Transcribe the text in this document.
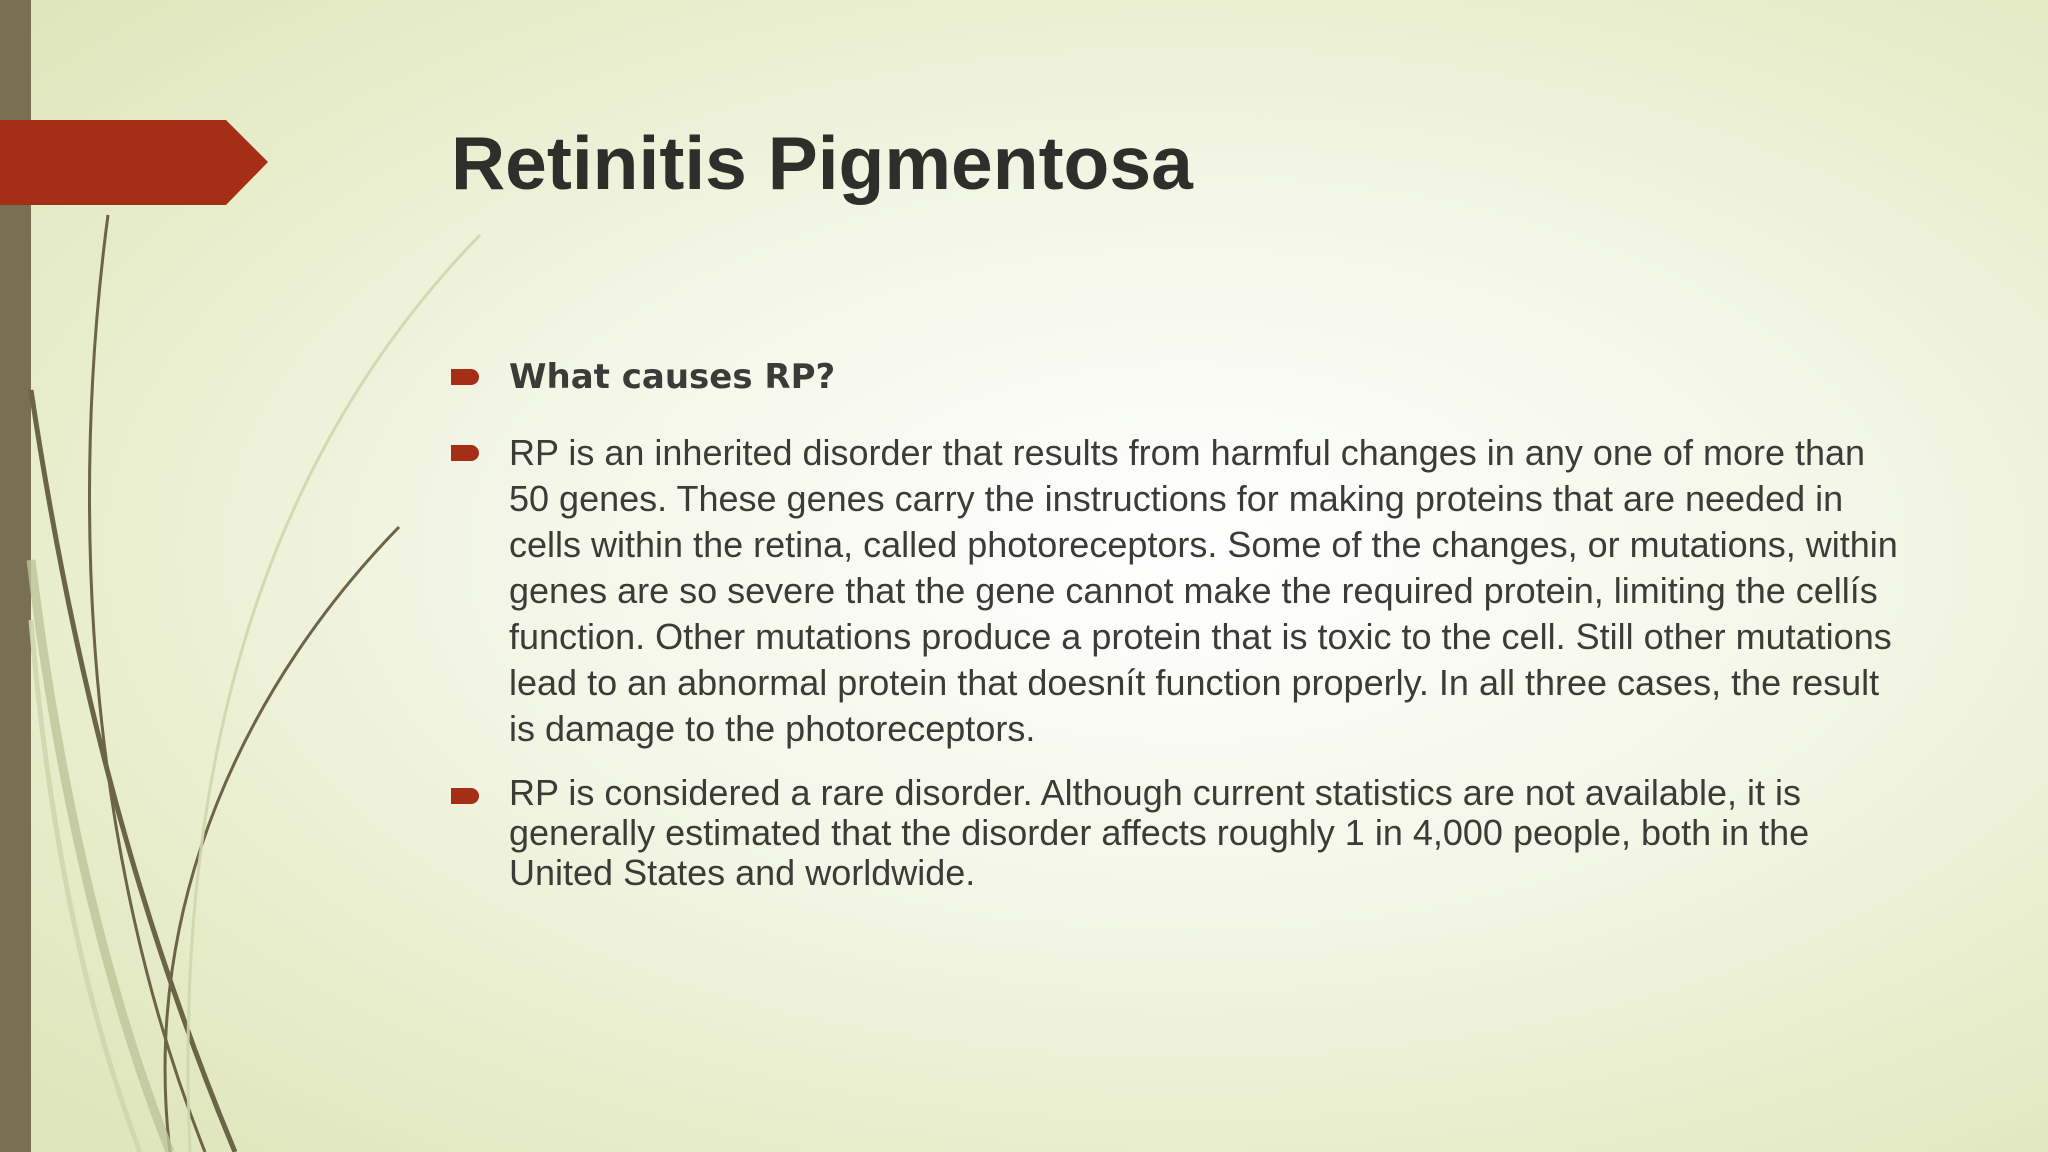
Retinitis Pigmentosa
What causes RP?
RP is an inherited disorder that results from harmful changes in any one of more than 50 genes. These genes carry the instructions for making proteins that are needed in cells within the retina, called photoreceptors. Some of the changes, or mutations, within genes are so severe that the gene cannot make the required protein, limiting the cellís function. Other mutations produce a protein that is toxic to the cell. Still other mutations lead to an abnormal protein that doesnít function properly. In all three cases, the result is damage to the photoreceptors.
RP is considered a rare disorder. Although current statistics are not available, it is generally estimated that the disorder affects roughly 1 in 4,000 people, both in the United States and worldwide.
